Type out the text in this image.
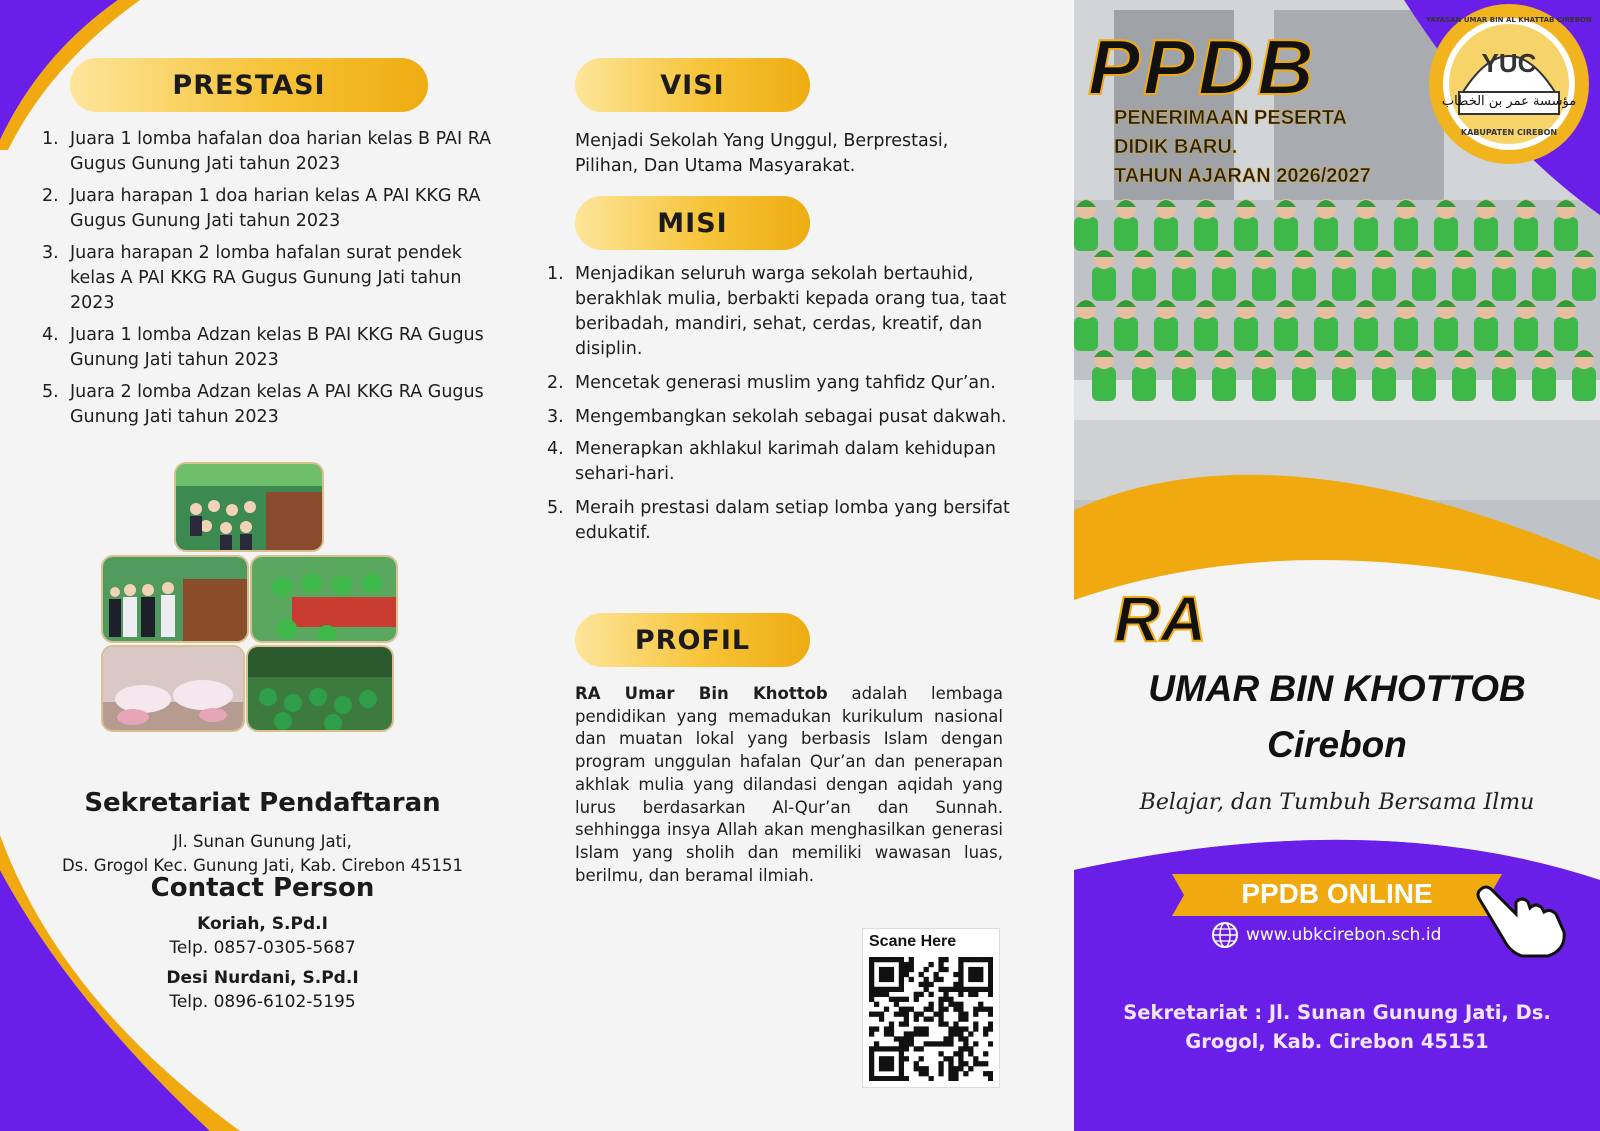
PRESTASI
1. Juara 1 lomba hafalan doa harian kelas B PAI RA Gugus Gunung Jati tahun 2023
2. Juara harapan 1 doa harian kelas A PAI KKG RA Gugus Gunung Jati tahun 2023
3. Juara harapan 2 lomba hafalan surat pendek kelas A PAI KKG RA Gugus Gunung Jati tahun 2023
4. Juara 1 lomba Adzan kelas B PAI KKG RA Gugus Gunung Jati tahun 2023
5. Juara 2 lomba Adzan kelas A PAI KKG RA Gugus Gunung Jati tahun 2023
Sekretariat Pendaftaran
Jl. Sunan Gunung Jati,
Ds. Grogol Kec. Gunung Jati, Kab. Cirebon 45151
Contact Person
Koriah, S.Pd.I
Telp. 0857-0305-5687
Desi Nurdani, S.Pd.I
Telp. 0896-6102-5195
VISI
Menjadi Sekolah Yang Unggul, Berprestasi, Pilihan, Dan Utama Masyarakat.
MISI
1. Menjadikan seluruh warga sekolah bertauhid, berakhlak mulia, berbakti kepada orang tua, taat beribadah, mandiri, sehat, cerdas, kreatif, dan disiplin.
2. Mencetak generasi muslim yang tahfidz Qur’an.
3. Mengembangkan sekolah sebagai pusat dakwah.
4. Menerapkan akhlakul karimah dalam kehidupan sehari-hari.
5. Meraih prestasi dalam setiap lomba yang bersifat edukatif.
PROFIL
RA Umar Bin Khottob adalah lembaga pendidikan yang memadukan kurikulum nasional dan muatan lokal yang berbasis Islam dengan program unggulan hafalan Qur’an dan penerapan akhlak mulia yang dilandasi dengan aqidah yang lurus berdasarkan Al-Qur’an dan Sunnah. sehhingga insya Allah akan menghasilkan generasi Islam yang sholih dan memiliki wawasan luas, berilmu, dan beramal ilmiah.
Scane Here
YAYASAN UMAR BIN AL KHATTAB CIREBON
YUC
مؤسسة عمر بن الخطاب
KABUPATEN CIREBON
PPDB
PENERIMAAN PESERTA
DIDIK BARU.
TAHUN AJARAN 2026/2027
RA
UMAR BIN KHOTTOB
Cirebon
Belajar, dan Tumbuh Bersama Ilmu
PPDB ONLINE
www.ubkcirebon.sch.id
Sekretariat : Jl. Sunan Gunung Jati, Ds.
Grogol, Kab. Cirebon 45151
